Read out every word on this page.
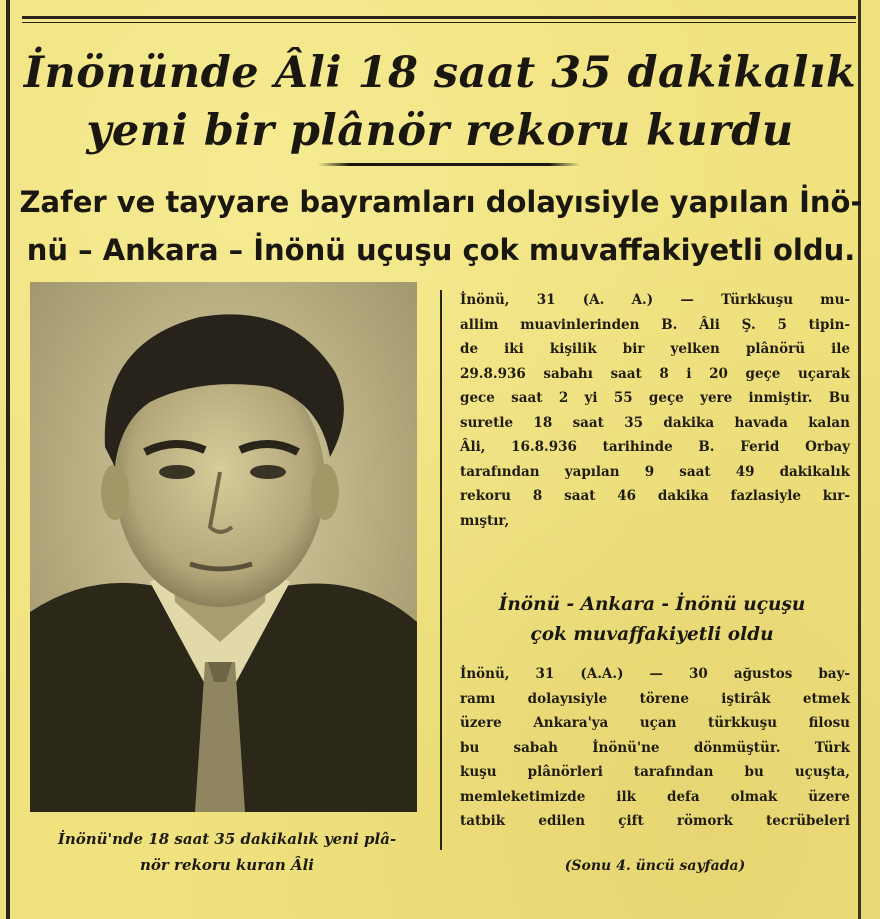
İnönünde Âli 18 saat 35 dakikalık
yeni bir plânör rekoru kurdu
Zafer ve tayyare bayramları dolayısiyle yapılan İnö-
nü – Ankara – İnönü uçuşu çok muvaffakiyetli oldu.
İnönü'nde 18 saat 35 dakikalık yeni plâ-
nör rekoru kuran Âli
İnönü, 31 (A. A.) — Türkkuşu mu-
allim muavinlerinden B. Âli Ş. 5 tipin-
de iki kişilik bir yelken plânörü ile
29.8.936 sabahı saat 8 i 20 geçe uçarak
gece saat 2 yi 55 geçe yere inmiştir. Bu
suretle 18 saat 35 dakika havada kalan
Âli, 16.8.936 tarihinde B. Ferid Orbay
tarafından yapılan 9 saat 49 dakikalık
rekoru 8 saat 46 dakika fazlasiyle kır-
mıştır,
İnönü - Ankara - İnönü uçuşu
çok muvaffakiyetli oldu
İnönü, 31 (A.A.) — 30 ağustos bay-
ramı dolayısiyle törene iştirâk etmek
üzere Ankara'ya uçan türkkuşu filosu
bu sabah İnönü'ne dönmüştür. Türk
kuşu plânörleri tarafından bu uçuşta,
memleketimizde ilk defa olmak üzere
tatbik edilen çift römork tecrübeleri
(Sonu 4. üncü sayfada)
